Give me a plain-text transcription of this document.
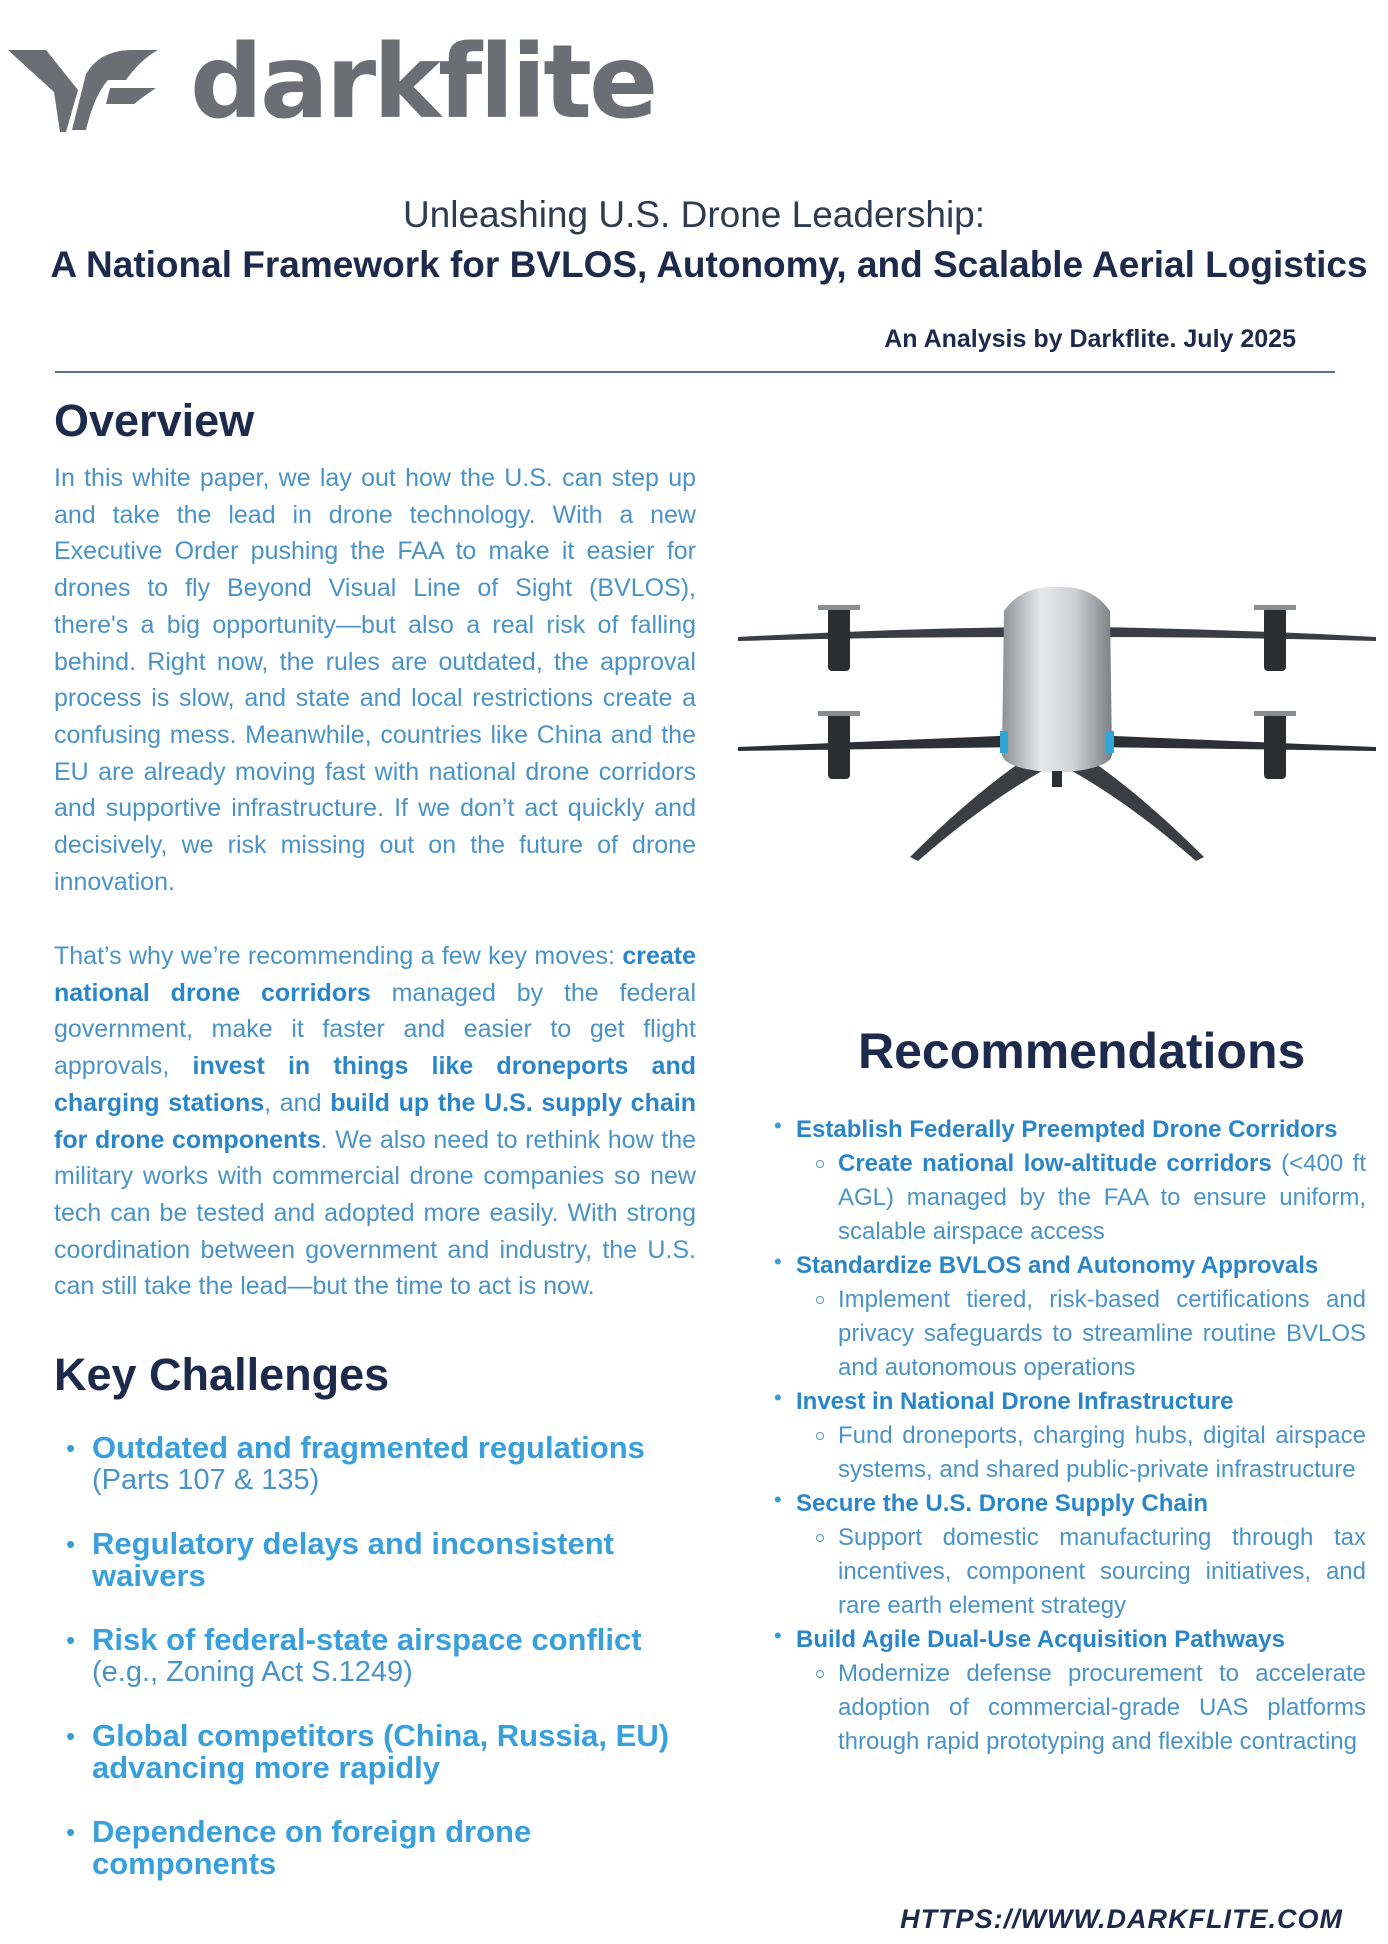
darkflite
Unleashing U.S. Drone Leadership:
A National Framework for BVLOS, Autonomy, and Scalable Aerial Logistics
An Analysis by Darkflite. July 2025
Overview
In this white paper, we lay out how the U.S. can step up and take the lead in drone technology. With a new Executive Order pushing the FAA to make it easier for drones to fly Beyond Visual Line of Sight (BVLOS), there's a big opportunity—but also a real risk of falling behind. Right now, the rules are outdated, the approval process is slow, and state and local restrictions create a confusing mess. Meanwhile, countries like China and the EU are already moving fast with national drone corridors and supportive infrastructure. If we don’t act quickly and decisively, we risk missing out on the future of drone innovation.
That’s why we’re recommending a few key moves: create national drone corridors managed by the federal government, make it faster and easier to get flight approvals, invest in things like droneports and charging stations, and build up the U.S. supply chain for drone components. We also need to rethink how the military works with commercial drone companies so new tech can be tested and adopted more easily. With strong coordination between government and industry, the U.S. can still take the lead—but the time to act is now.
Key Challenges
• Outdated and fragmented regulations
(Parts 107 & 135)
• Regulatory delays and inconsistent waivers
• Risk of federal-state airspace conflict
(e.g., Zoning Act S.1249)
• Global competitors (China, Russia, EU) advancing more rapidly
• Dependence on foreign drone components
Recommendations
• Establish Federally Preempted Drone Corridors
Create national low-altitude corridors (<400 ft AGL) managed by the FAA to ensure uniform, scalable airspace access
• Standardize BVLOS and Autonomy Approvals
Implement tiered, risk-based certifications and privacy safeguards to streamline routine BVLOS and autonomous operations
• Invest in National Drone Infrastructure
Fund droneports, charging hubs, digital airspace systems, and shared public-private infrastructure
• Secure the U.S. Drone Supply Chain
Support domestic manufacturing through tax incentives, component sourcing initiatives, and rare earth element strategy
• Build Agile Dual-Use Acquisition Pathways
Modernize defense procurement to accelerate adoption of commercial-grade UAS platforms through rapid prototyping and flexible contracting
HTTPS://WWW.DARKFLITE.COM
